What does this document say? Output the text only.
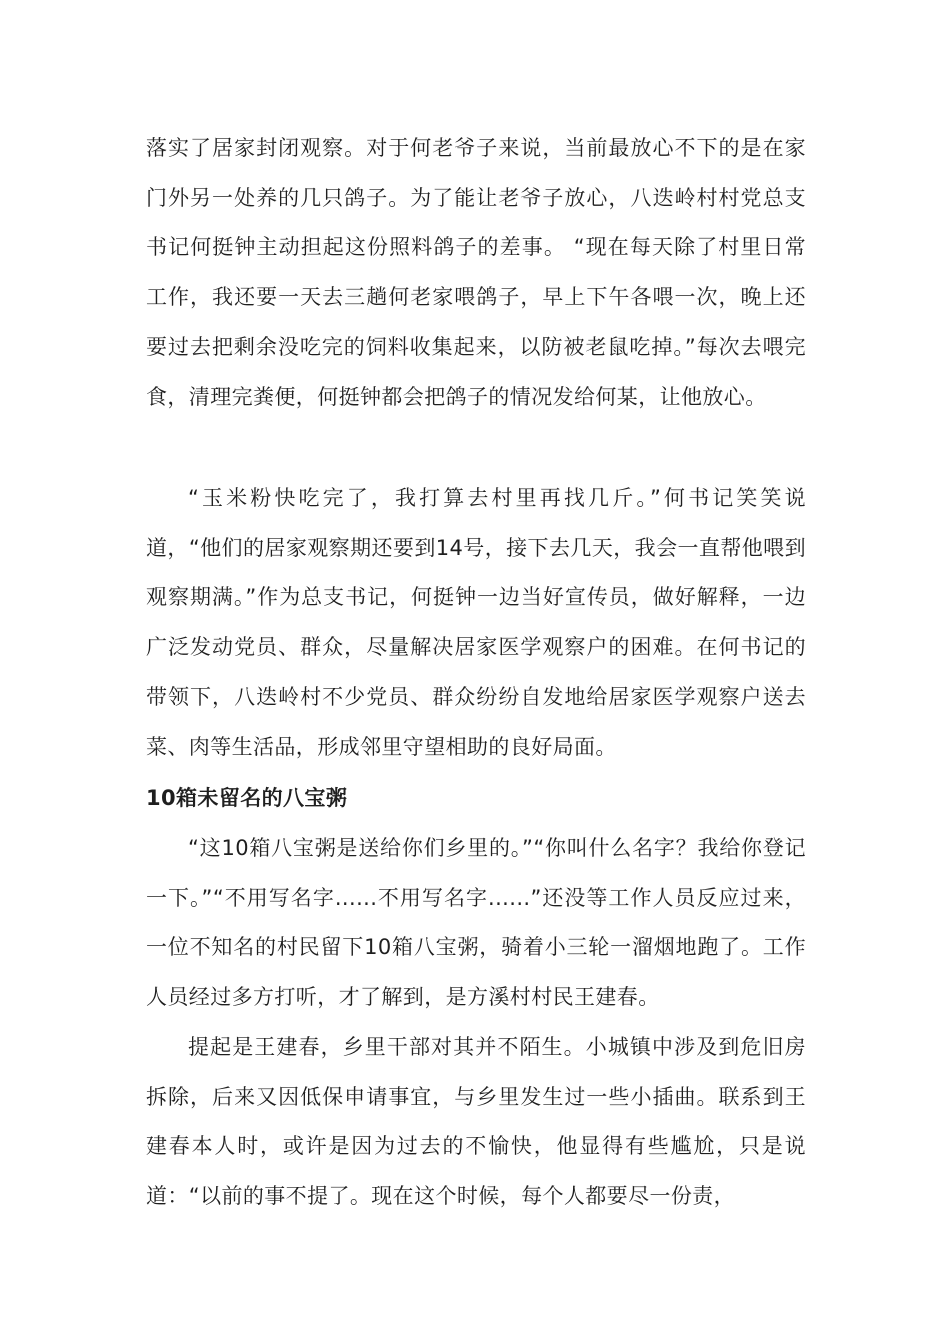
落实了居家封闭观察。对于何老爷子来说，当前最放心不下的是在家门外另一处养的几只鸽子。为了能让老爷子放心，八迭岭村村党总支书记何挺钟主动担起这份照料鸽子的差事。 “现在每天除了村里日常工作，我还要一天去三趟何老家喂鸽子，早上下午各喂一次，晚上还要过去把剩余没吃完的饲料收集起来，以防被老鼠吃掉。”每次去喂完食，清理完粪便，何挺钟都会把鸽子的情况发给何某，让他放心。

“玉米粉快吃完了，我打算去村里再找几斤。”何书记笑笑说道，“他们的居家观察期还要到14号，接下去几天，我会一直帮他喂到观察期满。”作为总支书记，何挺钟一边当好宣传员，做好解释，一边广泛发动党员、群众，尽量解决居家医学观察户的困难。在何书记的带领下，八迭岭村不少党员、群众纷纷自发地给居家医学观察户送去菜、肉等生活品，形成邻里守望相助的良好局面。

10箱未留名的八宝粥

“这10箱八宝粥是送给你们乡里的。”“你叫什么名字？我给你登记一下。”“不用写名字......不用写名字......”还没等工作人员反应过来，一位不知名的村民留下10箱八宝粥，骑着小三轮一溜烟地跑了。工作人员经过多方打听，才了解到，是方溪村村民王建春。

提起是王建春，乡里干部对其并不陌生。小城镇中涉及到危旧房拆除，后来又因低保申请事宜，与乡里发生过一些小插曲。联系到王建春本人时，或许是因为过去的不愉快，他显得有些尴尬，只是说道：“以前的事不提了。现在这个时候，每个人都要尽一份责，
